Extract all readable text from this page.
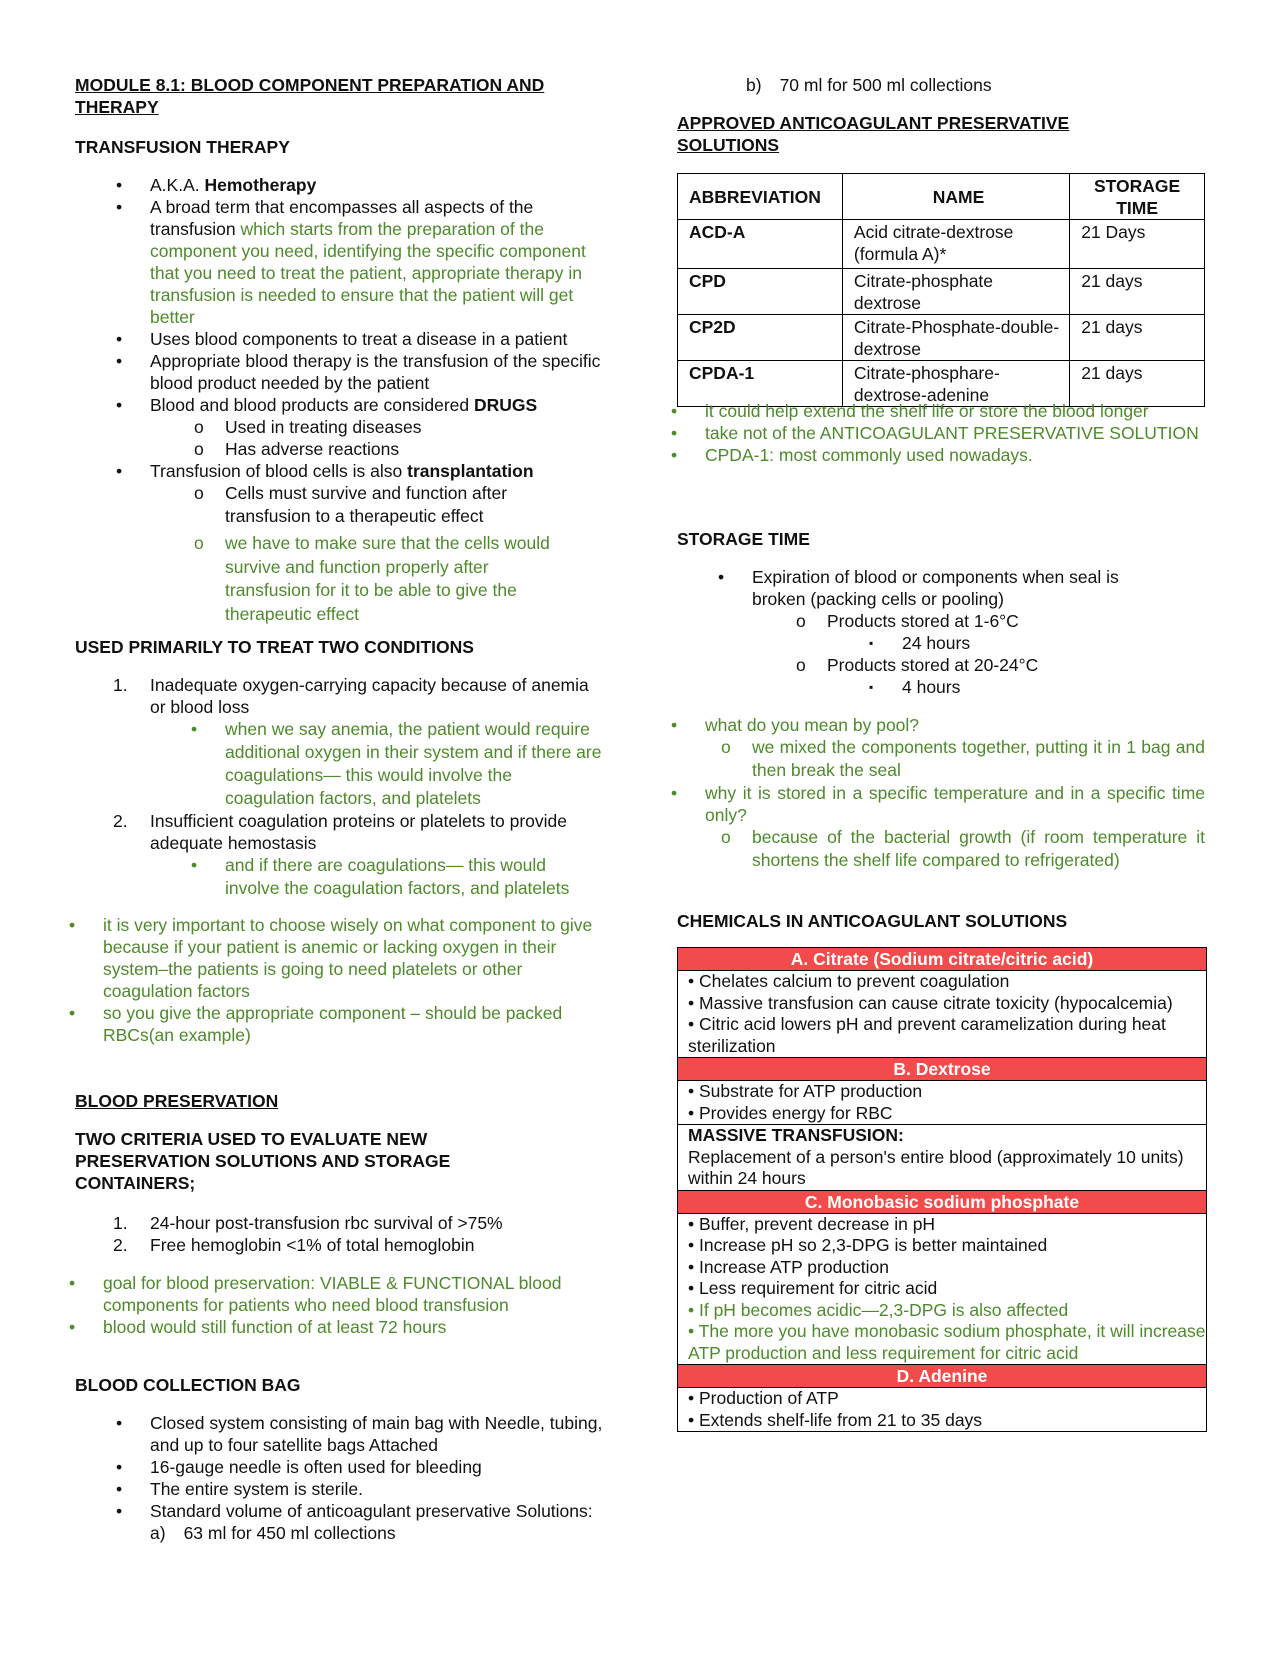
MODULE 8.1: BLOOD COMPONENT PREPARATION AND
THERAPY
TRANSFUSION THERAPY
• A.K.A. Hemotherapy
• A broad term that encompasses all aspects of the transfusion which starts from the preparation of the component you need, identifying the specific component that you need to treat the patient, appropriate therapy in transfusion is needed to ensure that the patient will get better
• Uses blood components to treat a disease in a patient
• Appropriate blood therapy is the transfusion of the specific blood product needed by the patient
• Blood and blood products are considered DRUGS
o Used in treating diseases
o Has adverse reactions
• Transfusion of blood cells is also transplantation
o Cells must survive and function after transfusion to a therapeutic effect
o we have to make sure that the cells would survive and function properly after transfusion for it to be able to give the therapeutic effect
USED PRIMARILY TO TREAT TWO CONDITIONS
1. Inadequate oxygen-carrying capacity because of anemia or blood loss
• when we say anemia, the patient would require additional oxygen in their system and if there are coagulations— this would involve the coagulation factors, and platelets
2. Insufficient coagulation proteins or platelets to provide adequate hemostasis
• and if there are coagulations— this would involve the coagulation factors, and platelets
• it is very important to choose wisely on what component to give because if your patient is anemic or lacking oxygen in their system–the patients is going to need platelets or other coagulation factors
• so you give the appropriate component – should be packed RBCs(an example)
BLOOD PRESERVATION
TWO CRITERIA USED TO EVALUATE NEW PRESERVATION SOLUTIONS AND STORAGE CONTAINERS;
1. 24-hour post-transfusion rbc survival of >75%
2. Free hemoglobin <1% of total hemoglobin
• goal for blood preservation: VIABLE & FUNCTIONAL blood components for patients who need blood transfusion
• blood would still function of at least 72 hours
BLOOD COLLECTION BAG
• Closed system consisting of main bag with Needle, tubing, and up to four satellite bags Attached
• 16-gauge needle is often used for bleeding
• The entire system is sterile.
• Standard volume of anticoagulant preservative Solutions:
a) 63 ml for 450 ml collections
b) 70 ml for 500 ml collections
APPROVED ANTICOAGULANT PRESERVATIVE
SOLUTIONS
ABBREVIATION	NAME	STORAGE TIME
ACD-A	Acid citrate-dextrose (formula A)*	21 Days
CPD	Citrate-phosphate dextrose	21 days
CP2D	Citrate-Phosphate-double-dextrose	21 days
CPDA-1	Citrate-phosphare-dextrose-adenine	21 days
• it could help extend the shelf life or store the blood longer
• take not of the ANTICOAGULANT PRESERVATIVE SOLUTION
• CPDA-1: most commonly used nowadays.
STORAGE TIME
• Expiration of blood or components when seal is broken (packing cells or pooling)
o Products stored at 1-6°C
▪ 24 hours
o Products stored at 20-24°C
▪ 4 hours
• what do you mean by pool?
o we mixed the components together, putting it in 1 bag and then break the seal
• why it is stored in a specific temperature and in a specific time only?
o because of the bacterial growth (if room temperature it shortens the shelf life compared to refrigerated)
CHEMICALS IN ANTICOAGULANT SOLUTIONS
A. Citrate (Sodium citrate/citric acid)
• Chelates calcium to prevent coagulation
• Massive transfusion can cause citrate toxicity (hypocalcemia)
• Citric acid lowers pH and prevent caramelization during heat sterilization
B. Dextrose
• Substrate for ATP production
• Provides energy for RBC
MASSIVE TRANSFUSION:
Replacement of a person's entire blood (approximately 10 units) within 24 hours
C. Monobasic sodium phosphate
• Buffer, prevent decrease in pH
• Increase pH so 2,3-DPG is better maintained
• Increase ATP production
• Less requirement for citric acid
• If pH becomes acidic—2,3-DPG is also affected
• The more you have monobasic sodium phosphate, it will increase ATP production and less requirement for citric acid
D. Adenine
• Production of ATP
• Extends shelf-life from 21 to 35 days
